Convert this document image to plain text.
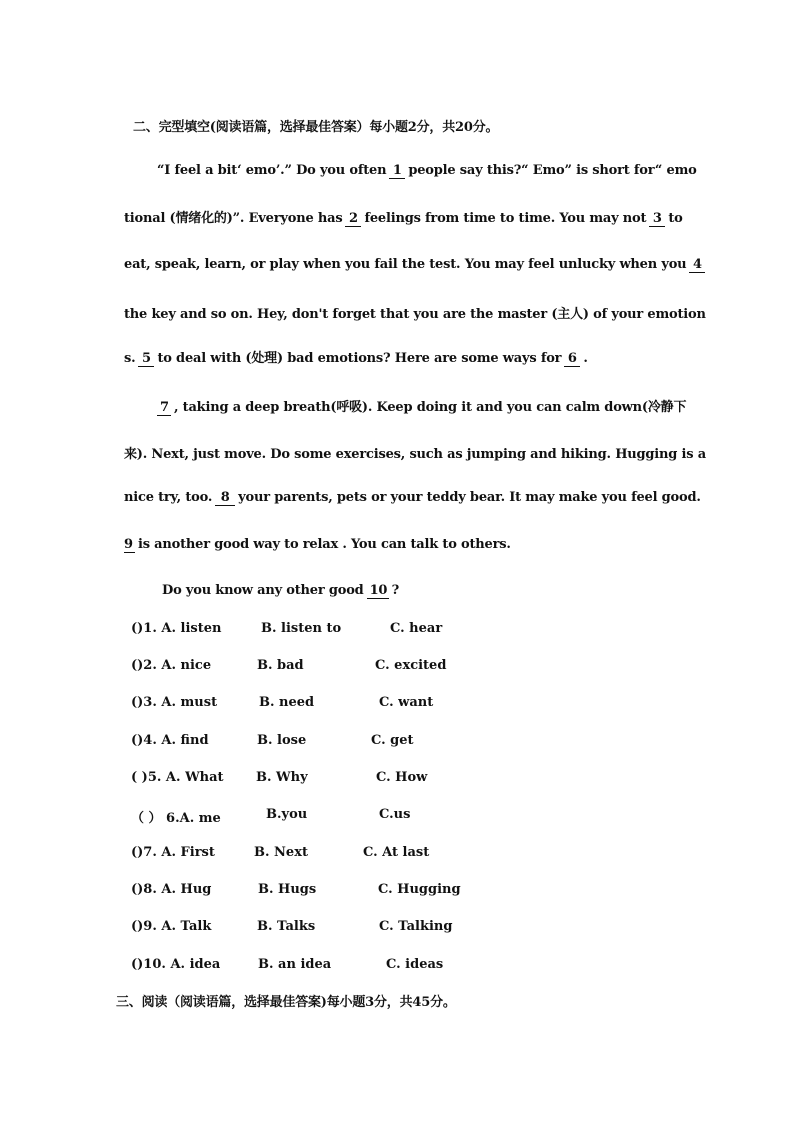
二、完型填空(阅读语篇，选择最佳答案）每小题2分，共20分。
“I feel a bit‘ emo’.” Do you often 1 people say this?“ Emo” is short for“ emo
tional (情绪化的)”. Everyone has 2 feelings from time to time. You may not 3 to
eat, speak, learn, or play when you fail the test. You may feel unlucky when you 4
the key and so on. Hey, don't forget that you are the master (主人) of your emotion
s. 5 to deal with (处理) bad emotions? Here are some ways for 6 .
7 , taking a deep breath(呼吸). Keep doing it and you can calm down(冷静下
来). Next, just move. Do some exercises, such as jumping and hiking. Hugging is a
nice try, too. 8 your parents, pets or your teddy bear. It may make you feel good.
9 is another good way to relax . You can talk to others.
Do you know any other good 10 ?
()1. A. listen	B. listen to	C. hear
()2. A. nice	B. bad	C. excited
()3. A. must	B. need	C. want
()4. A. find	B. lose	C. get
( )5. A. What B. Why	C. How
（ ） 6.A. me	B.you	C.us
()7. A. First	B. Next	C. At last
()8. A. Hug	B. Hugs	C. Hugging
()9. A. Talk	B. Talks	C. Talking
()10. A. idea	B. an idea	C. ideas
三、阅读（阅读语篇，选择最佳答案)每小题3分，共45分。
